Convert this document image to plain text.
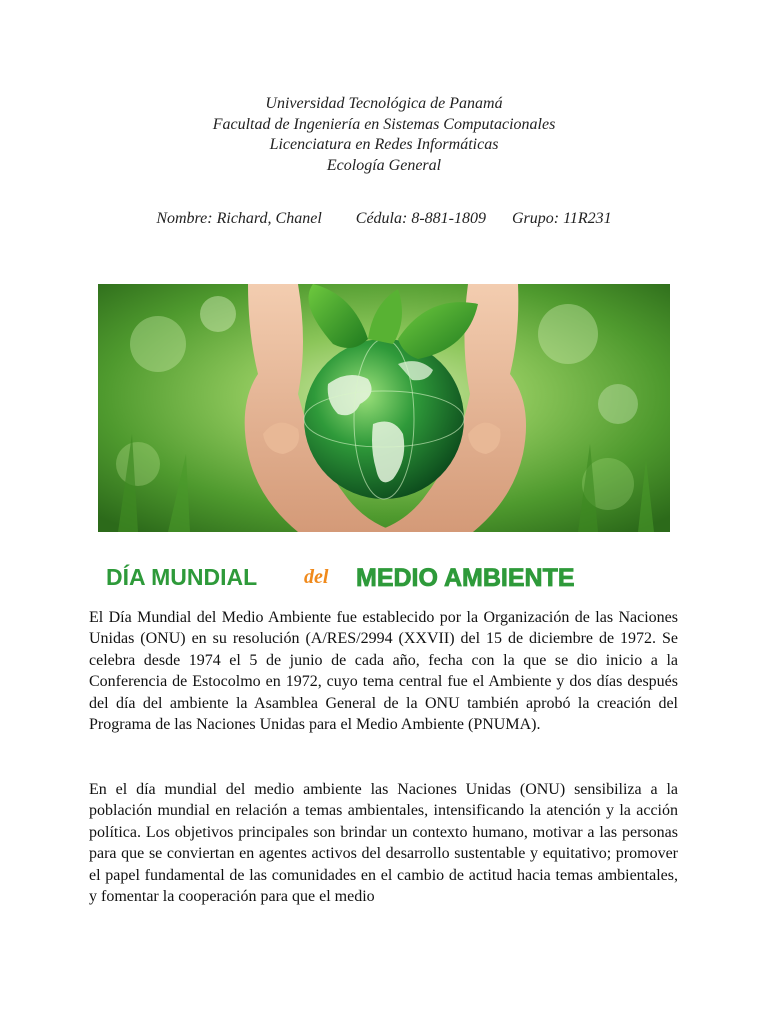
Universidad Tecnológica de Panamá
Facultad de Ingeniería en Sistemas Computacionales
Licenciatura en Redes Informáticas
Ecología General
Nombre: Richard, Chanel Cédula: 8-881-1809 Grupo: 11R231
DÍA MUNDIAL del MEDIO AMBIENTE

El Día Mundial del Medio Ambiente fue establecido por la Organización de las Naciones Unidas (ONU) en su resolución (A/RES/2994 (XXVII) del 15 de diciembre de 1972. Se celebra desde 1974 el 5 de junio de cada año, fecha con la que se dio inicio a la Conferencia de Estocolmo en 1972, cuyo tema central fue el Ambiente y dos días después del día del ambiente la Asamblea General de la ONU también aprobó la creación del Programa de las Naciones Unidas para el Medio Ambiente (PNUMA).

En el día mundial del medio ambiente las Naciones Unidas (ONU) sensibiliza a la población mundial en relación a temas ambientales, intensificando la atención y la acción política. Los objetivos principales son brindar un contexto humano, motivar a las personas para que se conviertan en agentes activos del desarrollo sustentable y equitativo; promover el papel fundamental de las comunidades en el cambio de actitud hacia temas ambientales, y fomentar la cooperación para que el medio
